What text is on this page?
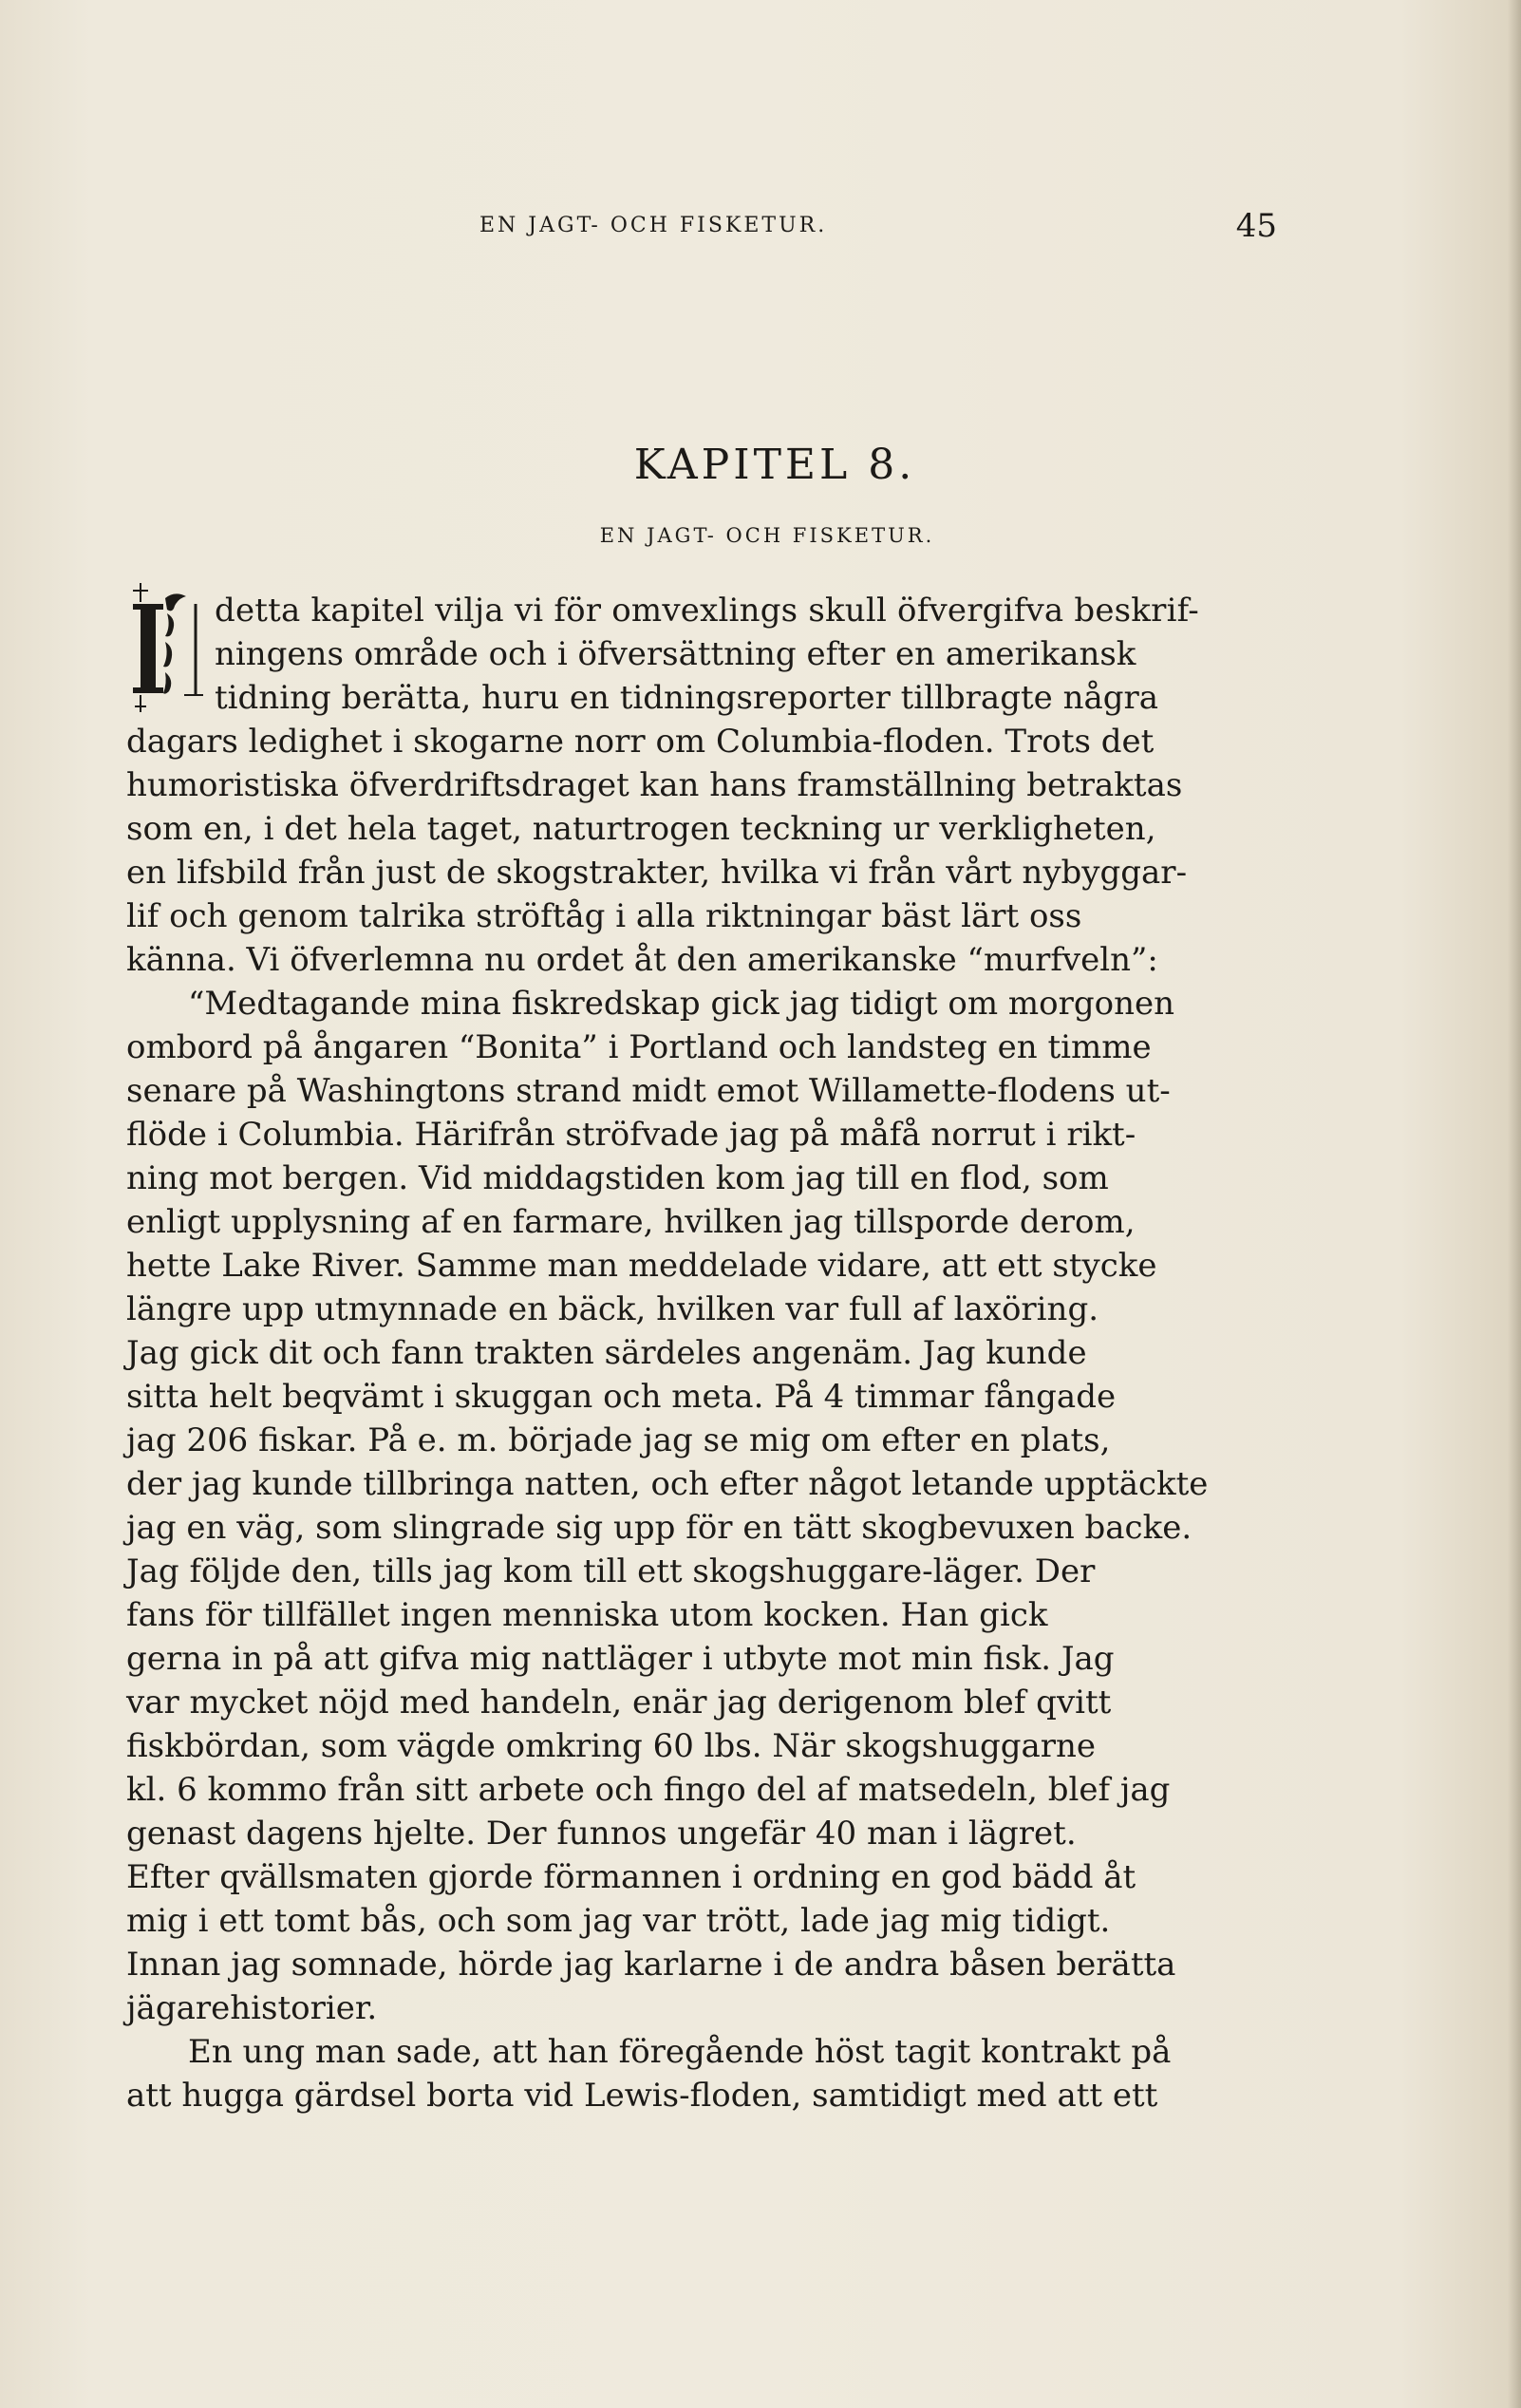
EN JAGT- OCH FISKETUR.	45
KAPITEL 8.
EN JAGT- OCH FISKETUR.
detta kapitel vilja vi för omvexlings skull öfvergifva beskrif-
ningens område och i öfversättning efter en amerikansk
tidning berätta, huru en tidningsreporter tillbragte några
dagars ledighet i skogarne norr om Columbia-floden. Trots det
humoristiska öfverdriftsdraget kan hans framställning betraktas
som en, i det hela taget, naturtrogen teckning ur verkligheten,
en lifsbild från just de skogstrakter, hvilka vi från vårt nybyggar-
lif och genom talrika ströftåg i alla riktningar bäst lärt oss
känna. Vi öfverlemna nu ordet åt den amerikanske “murfveln”:
“Medtagande mina fiskredskap gick jag tidigt om morgonen
ombord på ångaren “Bonita” i Portland och landsteg en timme
senare på Washingtons strand midt emot Willamette-flodens ut-
flöde i Columbia. Härifrån ströfvade jag på måfå norrut i rikt-
ning mot bergen. Vid middagstiden kom jag till en flod, som
enligt upplysning af en farmare, hvilken jag tillsporde derom,
hette Lake River. Samme man meddelade vidare, att ett stycke
längre upp utmynnade en bäck, hvilken var full af laxöring.
Jag gick dit och fann trakten särdeles angenäm. Jag kunde
sitta helt beqvämt i skuggan och meta. På 4 timmar fångade
jag 206 fiskar. På e. m. började jag se mig om efter en plats,
der jag kunde tillbringa natten, och efter något letande upptäckte
jag en väg, som slingrade sig upp för en tätt skogbevuxen backe.
Jag följde den, tills jag kom till ett skogshuggare-läger. Der
fans för tillfället ingen menniska utom kocken. Han gick
gerna in på att gifva mig nattläger i utbyte mot min fisk. Jag
var mycket nöjd med handeln, enär jag derigenom blef qvitt
fiskbördan, som vägde omkring 60 lbs. När skogshuggarne
kl. 6 kommo från sitt arbete och fingo del af matsedeln, blef jag
genast dagens hjelte. Der funnos ungefär 40 man i lägret.
Efter qvällsmaten gjorde förmannen i ordning en god bädd åt
mig i ett tomt bås, och som jag var trött, lade jag mig tidigt.
Innan jag somnade, hörde jag karlarne i de andra båsen berätta
jägarehistorier.
En ung man sade, att han föregående höst tagit kontrakt på
att hugga gärdsel borta vid Lewis-floden, samtidigt med att ett
